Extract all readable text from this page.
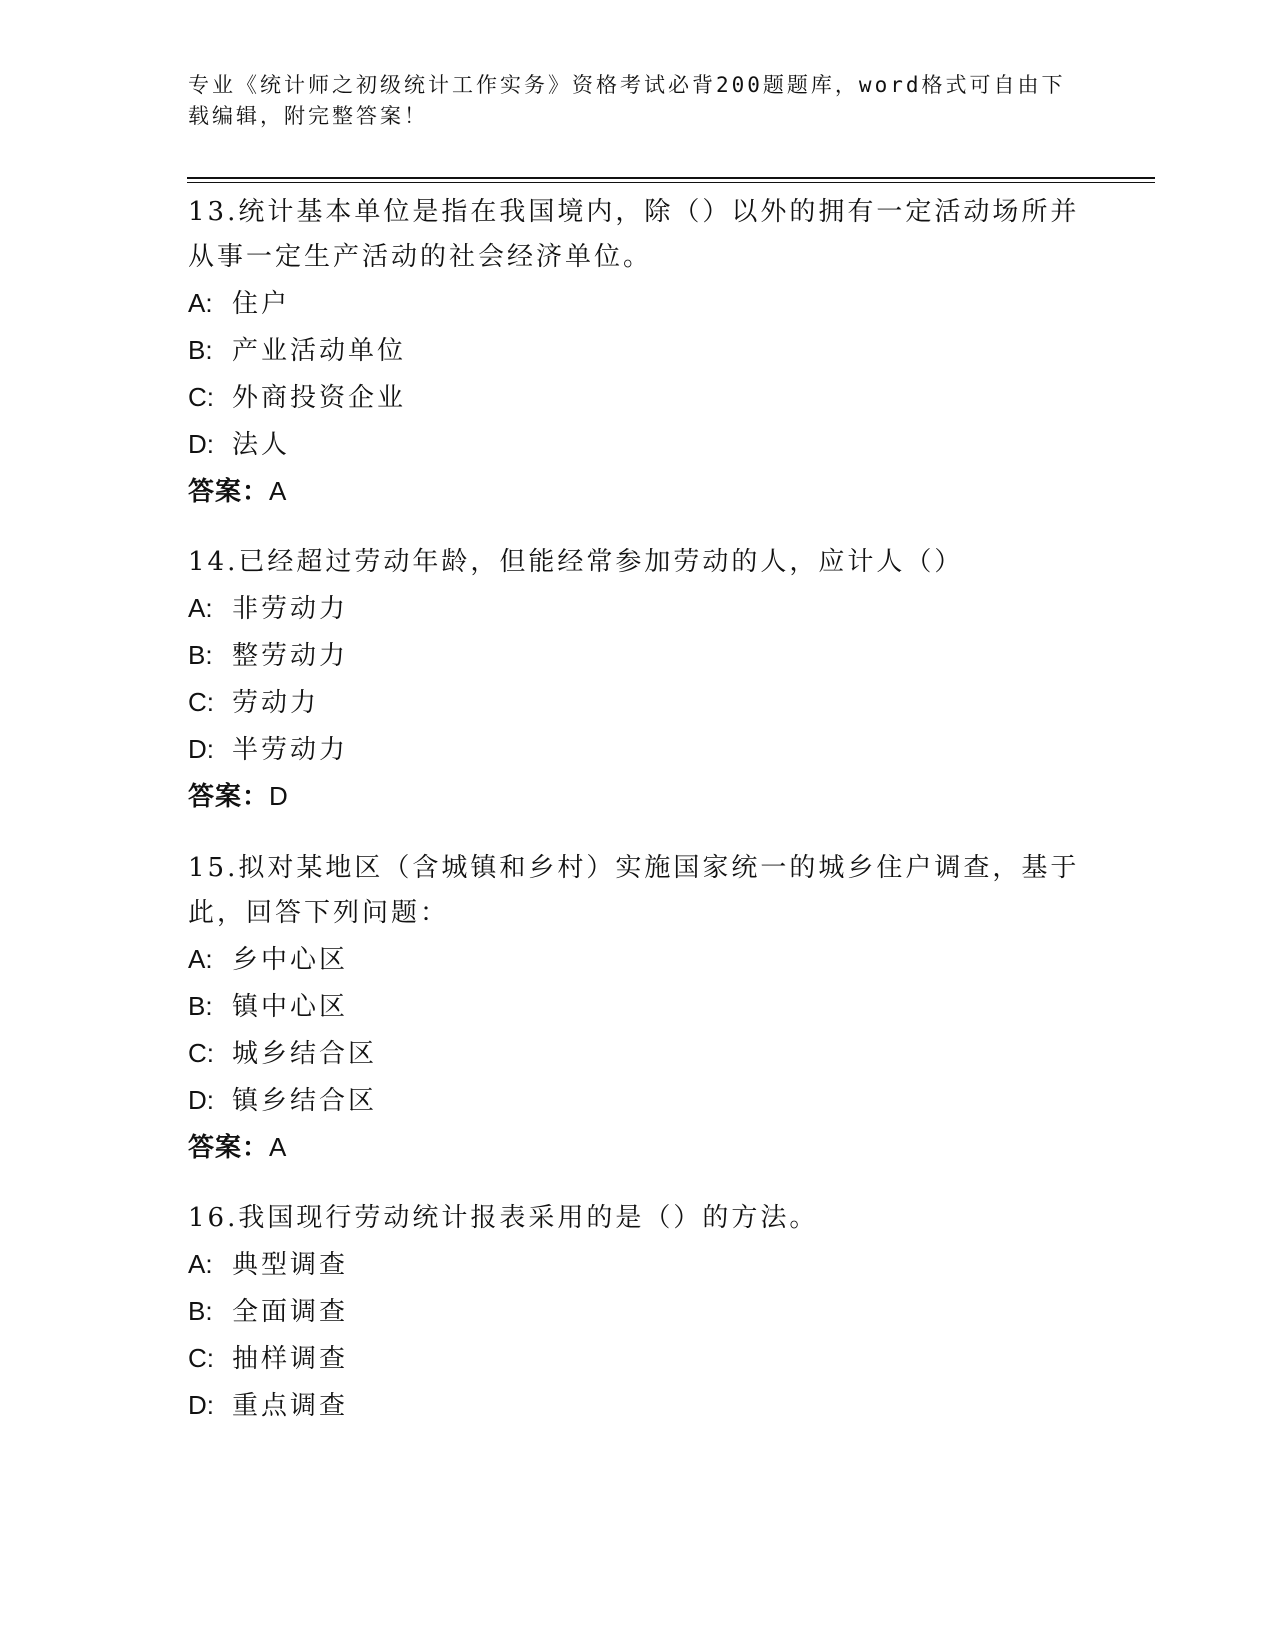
专业《统计师之初级统计工作实务》资格考试必背200题题库，word格式可自由下载编辑，附完整答案！

13.统计基本单位是指在我国境内，除（）以外的拥有一定活动场所并从事一定生产活动的社会经济单位。

A: 住户

B: 产业活动单位

C: 外商投资企业

D: 法人

答案：A

14.已经超过劳动年龄，但能经常参加劳动的人，应计人（）

A: 非劳动力

B: 整劳动力

C: 劳动力

D: 半劳动力

答案：D

15.拟对某地区（含城镇和乡村）实施国家统一的城乡住户调查，基于此，回答下列问题：

A: 乡中心区

B: 镇中心区

C: 城乡结合区

D: 镇乡结合区

答案：A

16.我国现行劳动统计报表采用的是（）的方法。

A: 典型调查

B: 全面调查

C: 抽样调查

D: 重点调查
